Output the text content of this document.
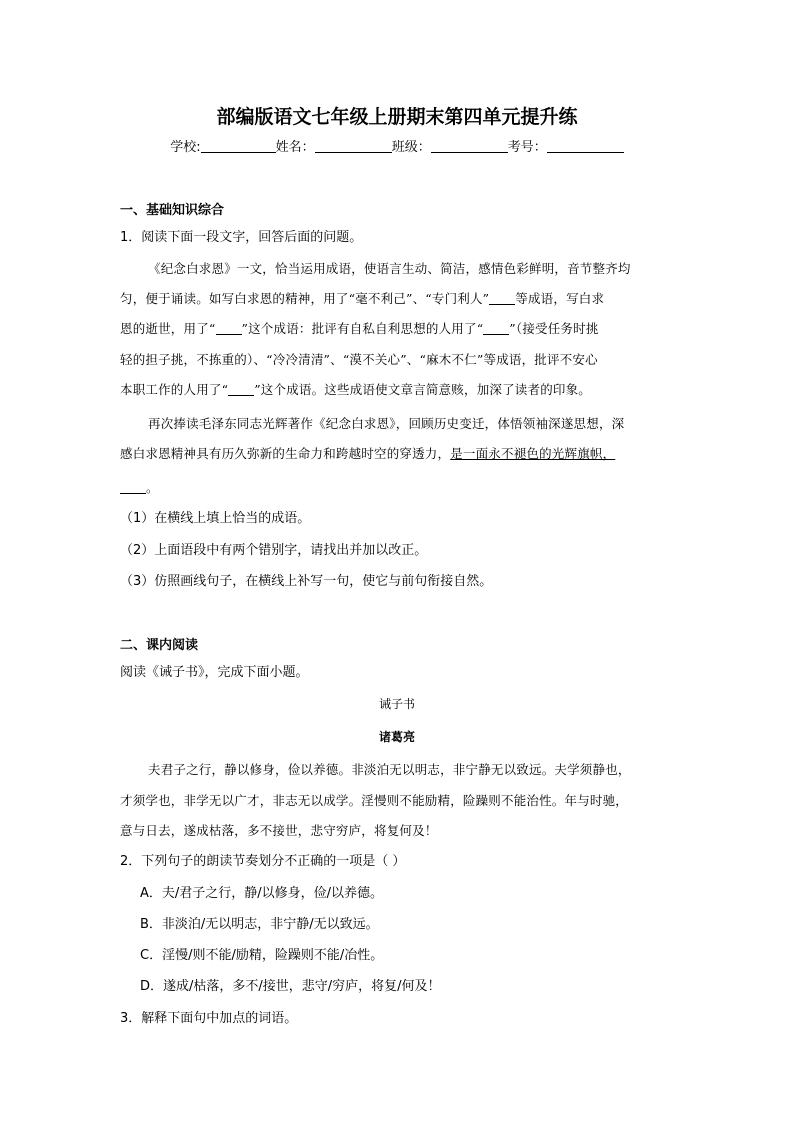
部编版语文七年级上册期末第四单元提升练
学校:	姓名：	班级：	考号：
一、基础知识综合
1．阅读下面一段文字，回答后面的问题。
《纪念白求恩》一文，恰当运用成语，使语言生动、简洁，感情色彩鲜明，音节整齐均
匀，便于诵读。如写白求恩的精神，用了“毫不利己”、“专门利人” 等成语，写白求
恩的逝世，用了“ ”这个成语：批评有自私自利思想的人用了“ ”（接受任务时挑
轻的担子挑，不拣重的）、“冷冷清清”、“漠不关心”、“麻木不仁”等成语，批评不安心
本职工作的人用了“ ”这个成语。这些成语使文章言简意赅，加深了读者的印象。
再次捧读毛泽东同志光辉著作《纪念白求恩》，回顾历史变迁，体悟领袖深遂思想，深
感白求恩精神具有历久弥新的生命力和跨越时空的穿透力，是一面永不褪色的光辉旗帜，
。
（1）在横线上填上恰当的成语。
（2）上面语段中有两个错别字，请找出并加以改正。
（3）仿照画线句子，在横线上补写一句，使它与前句衔接自然。
二、课内阅读
阅读《诫子书》，完成下面小题。
诫子书
诸葛亮
夫君子之行，静以修身，俭以养德。非淡泊无以明志，非宁静无以致远。夫学须静也，
才须学也，非学无以广才，非志无以成学。淫慢则不能励精，险躁则不能治性。年与时驰，
意与日去，遂成枯落，多不接世，悲守穷庐，将复何及！
2．下列句子的朗读节奏划分不正确的一项是（ ）
A．夫/君子之行，静/以修身，俭/以养德。
B．非淡泊/无以明志，非宁静/无以致远。
C．淫慢/则不能/励精，险躁则不能/冶性。
D．遂成/枯落，多不/接世，悲守/穷庐，将复/何及！
3．解释下面句中加点的词语。
